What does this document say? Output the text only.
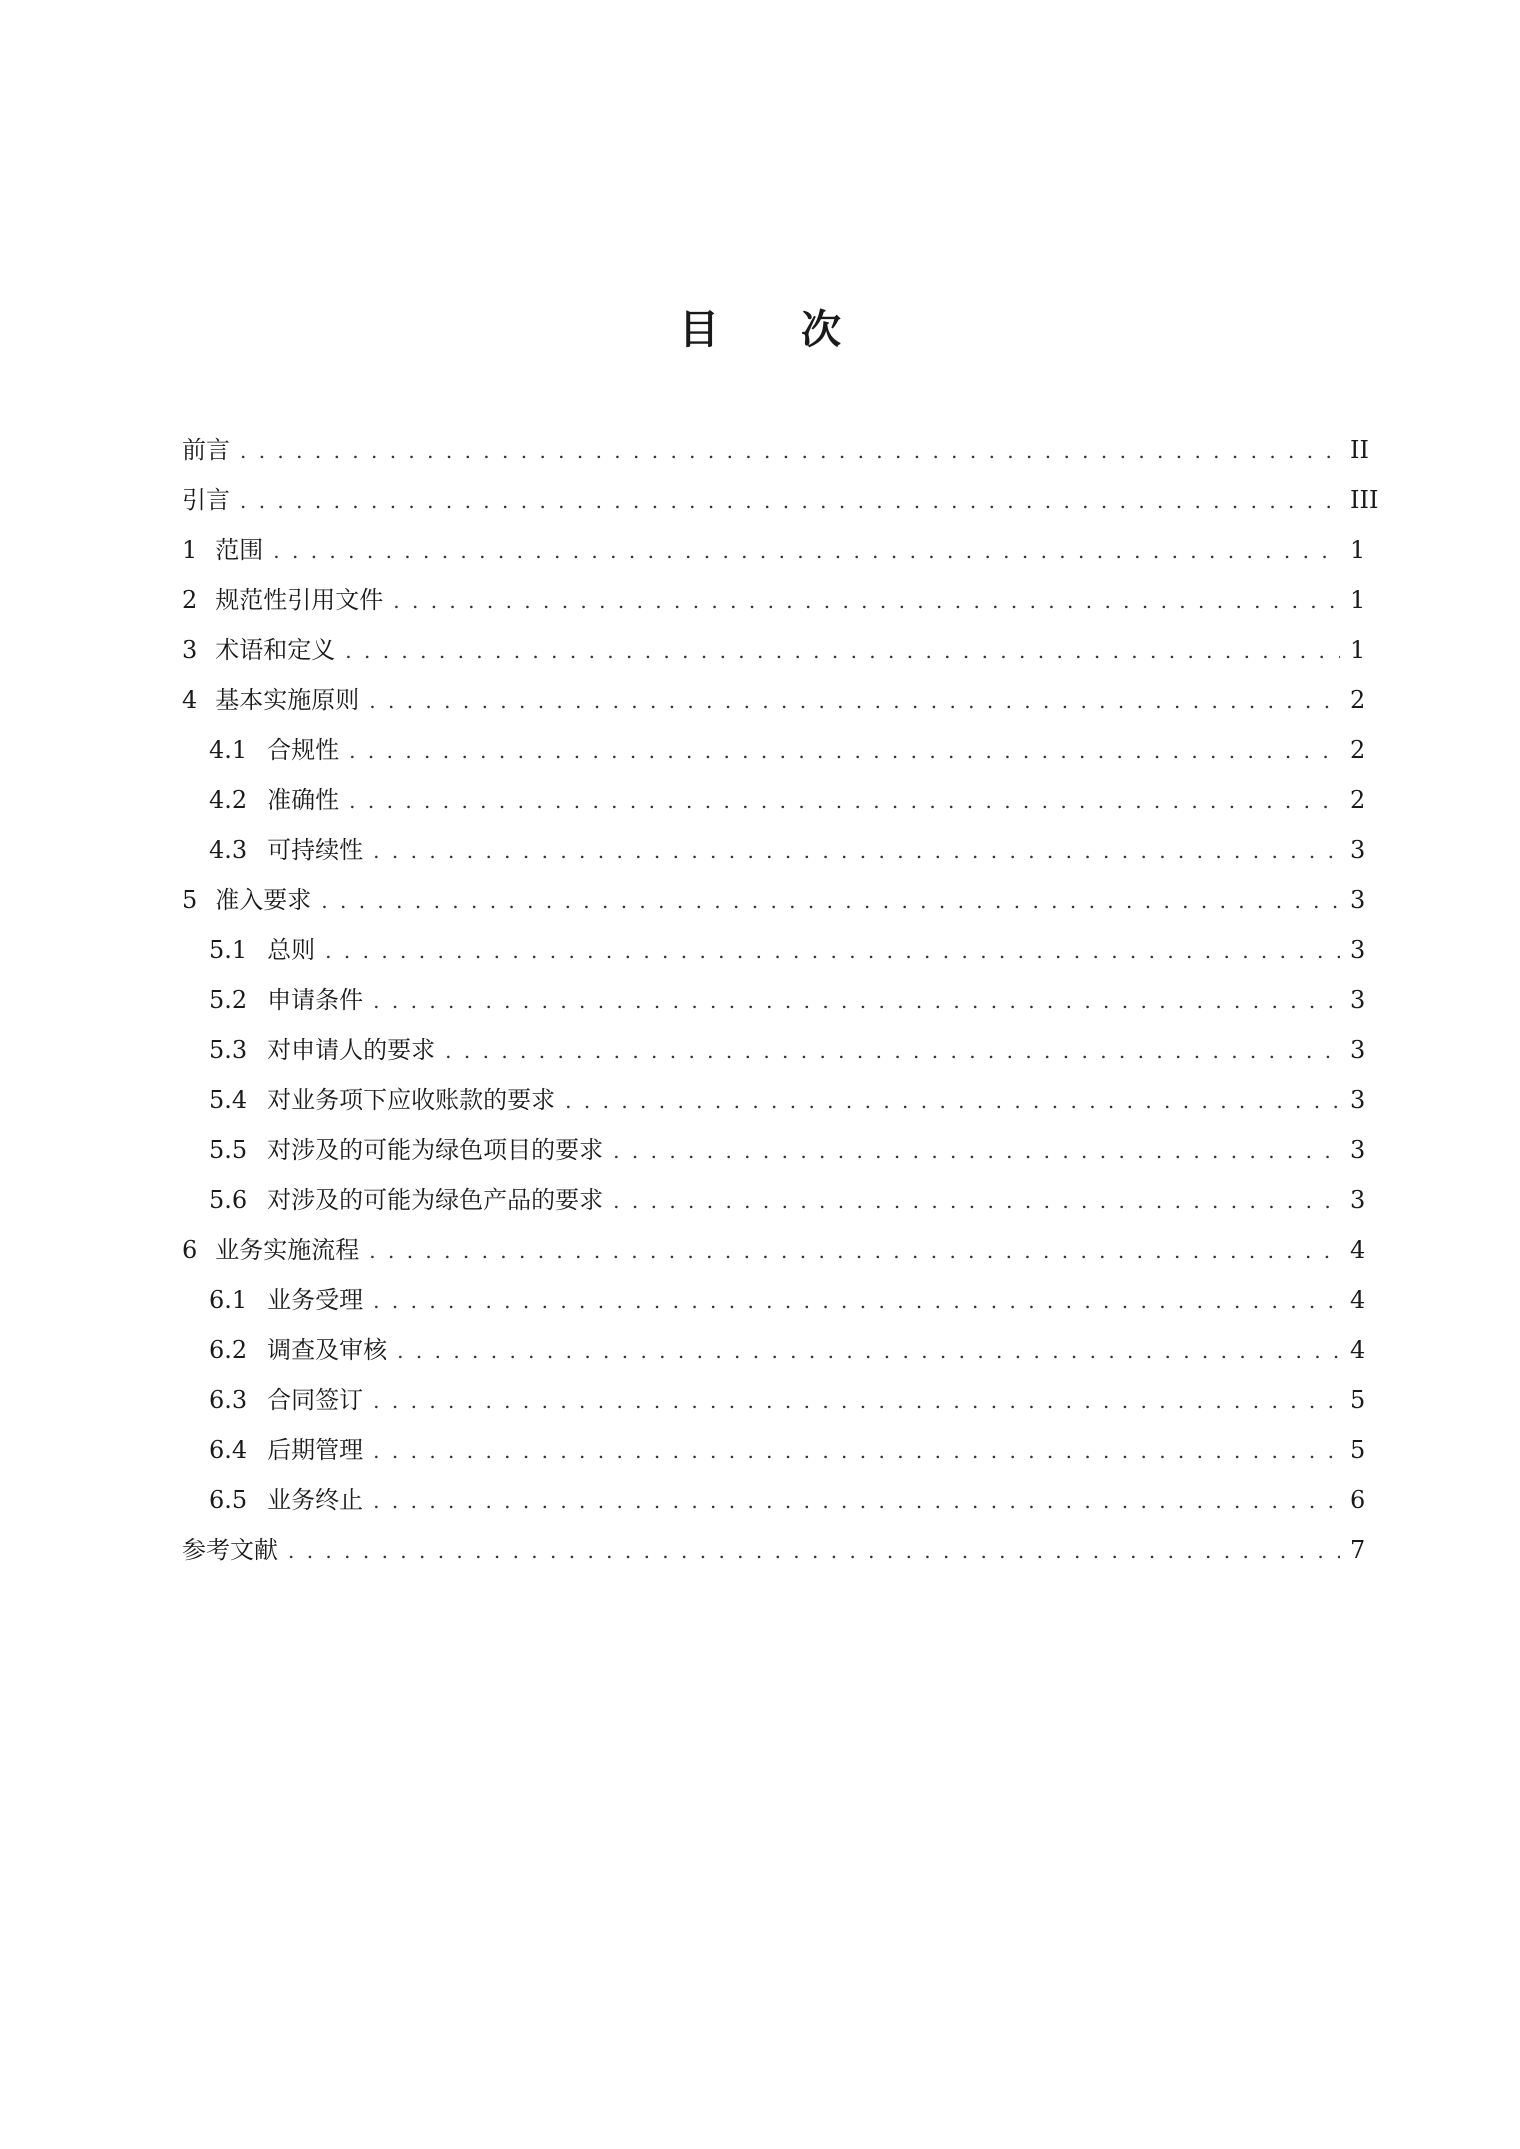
目次
前言 . . .	II
引言 . . .	III
1 范围 . . .	1
2 规范性引用文件 . . .	1
3 术语和定义 . . .	1
4 基本实施原则 . . .	2
4.1 合规性 . . .	2
4.2 准确性 . . .	2
4.3 可持续性 . . .	3
5 准入要求 . . .	3
5.1 总则 . . .	3
5.2 申请条件 . . .	3
5.3 对申请人的要求 . . .	3
5.4 对业务项下应收账款的要求 . . .	3
5.5 对涉及的可能为绿色项目的要求 . . .	3
5.6 对涉及的可能为绿色产品的要求 . . .	3
6 业务实施流程 . . .	4
6.1 业务受理 . . .	4
6.2 调查及审核 . . .	4
6.3 合同签订 . . .	5
6.4 后期管理 . . .	5
6.5 业务终止 . . .	6
参考文献 . . .	7
